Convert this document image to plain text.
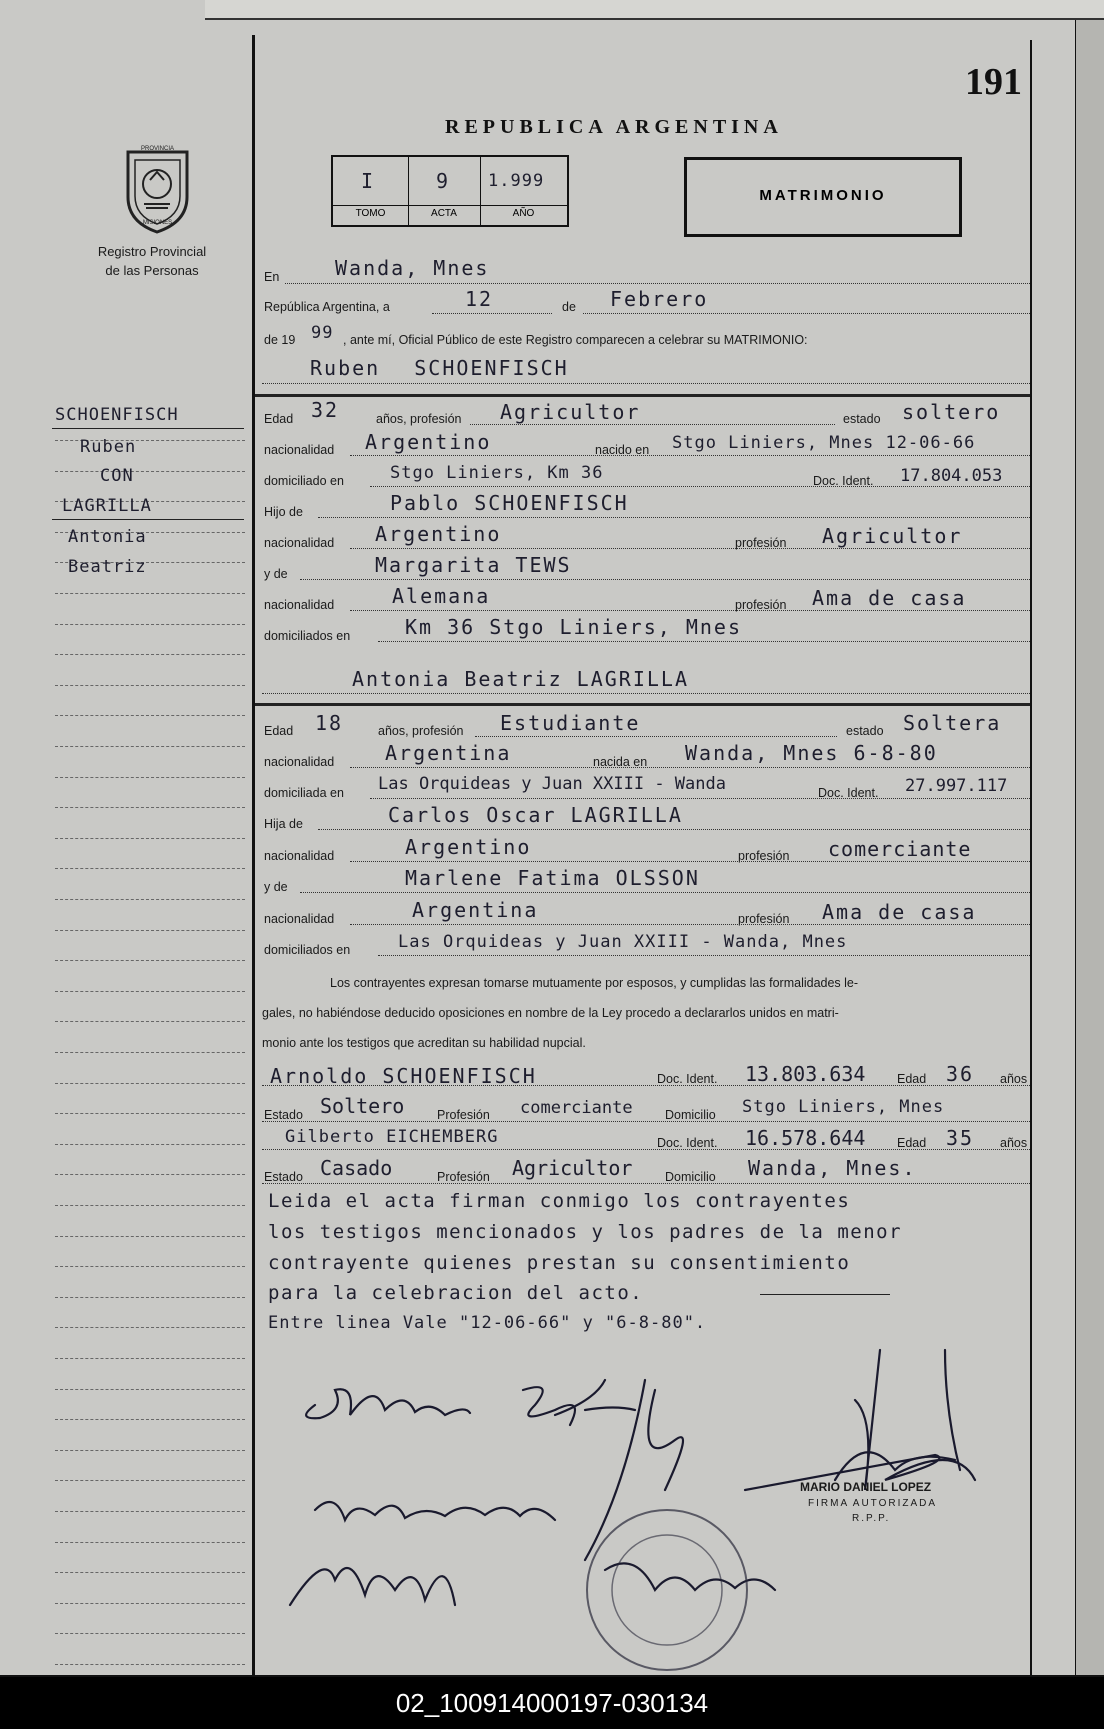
191
PROVINCIA
MISIONES
Registro Provincial
de las Personas
SCHOENFISCH
Ruben
CON
LAGRILLA
Antonia
Beatriz
REPUBLICA ARGENTINA
I	9 1.999
TOMO	ACTA	AÑO
MATRIMONIO
En	Wanda, Mnes
República Argentina, a	12	de Febrero
de 19 99 , ante mí, Oficial Público de este Registro comparecen a celebrar su MATRIMONIO:
Ruben SCHOENFISCH
Edad 32	años, profesión Agricultor	estado soltero
nacionalidad Argentino	nacido en Stgo Liniers, Mnes 12-06-66
domiciliado en	Stgo Liniers, Km 36	Doc. Ident. 17.804.053
Hijo de	Pablo SCHOENFISCH
nacionalidad Argentino	profesión Agricultor
y de	Margarita TEWS
nacionalidad	Alemana	profesión Ama de casa
domiciliados en	Km 36 Stgo Liniers, Mnes
Antonia Beatriz LAGRILLA
Edad 18	años, profesión Estudiante	estado Soltera
nacionalidad	Argentina	nacida en Wanda, Mnes 6-8-80
domiciliada en Las Orquideas y Juan XXIII - Wanda	Doc. Ident. 27.997.117
Hija de	Carlos Oscar LAGRILLA
nacionalidad	Argentino	profesión comerciante
y de	Marlene Fatima OLSSON
nacionalidad	Argentina	profesión Ama de casa
domiciliados en	Las Orquideas y Juan XXIII - Wanda, Mnes
Los contrayentes expresan tomarse mutuamente por esposos, y cumplidas las formalidades le-
gales, no habiéndose deducido oposiciones en nombre de la Ley procedo a declararlos unidos en matri-
monio ante los testigos que acreditan su habilidad nupcial.
Arnoldo SCHOENFISCH	Doc. Ident. 13.803.634	Edad 36 años
Estado Soltero	Profesión comerciante	Domicilio Stgo Liniers, Mnes
Gilberto EICHEMBERG	Doc. Ident. 16.578.644	Edad 35 años
Estado Casado	Profesión Agricultor	Domicilio Wanda, Mnes.
Leida el acta firman conmigo los contrayentes
los testigos mencionados y los padres de la menor
contrayente quienes prestan su consentimiento
para la celebracion del acto.
Entre linea Vale "12-06-66" y "6-8-80".
MARIO DANIEL LOPEZ
FIRMA AUTORIZADA
R.P.P.
02_100914000197-030134
